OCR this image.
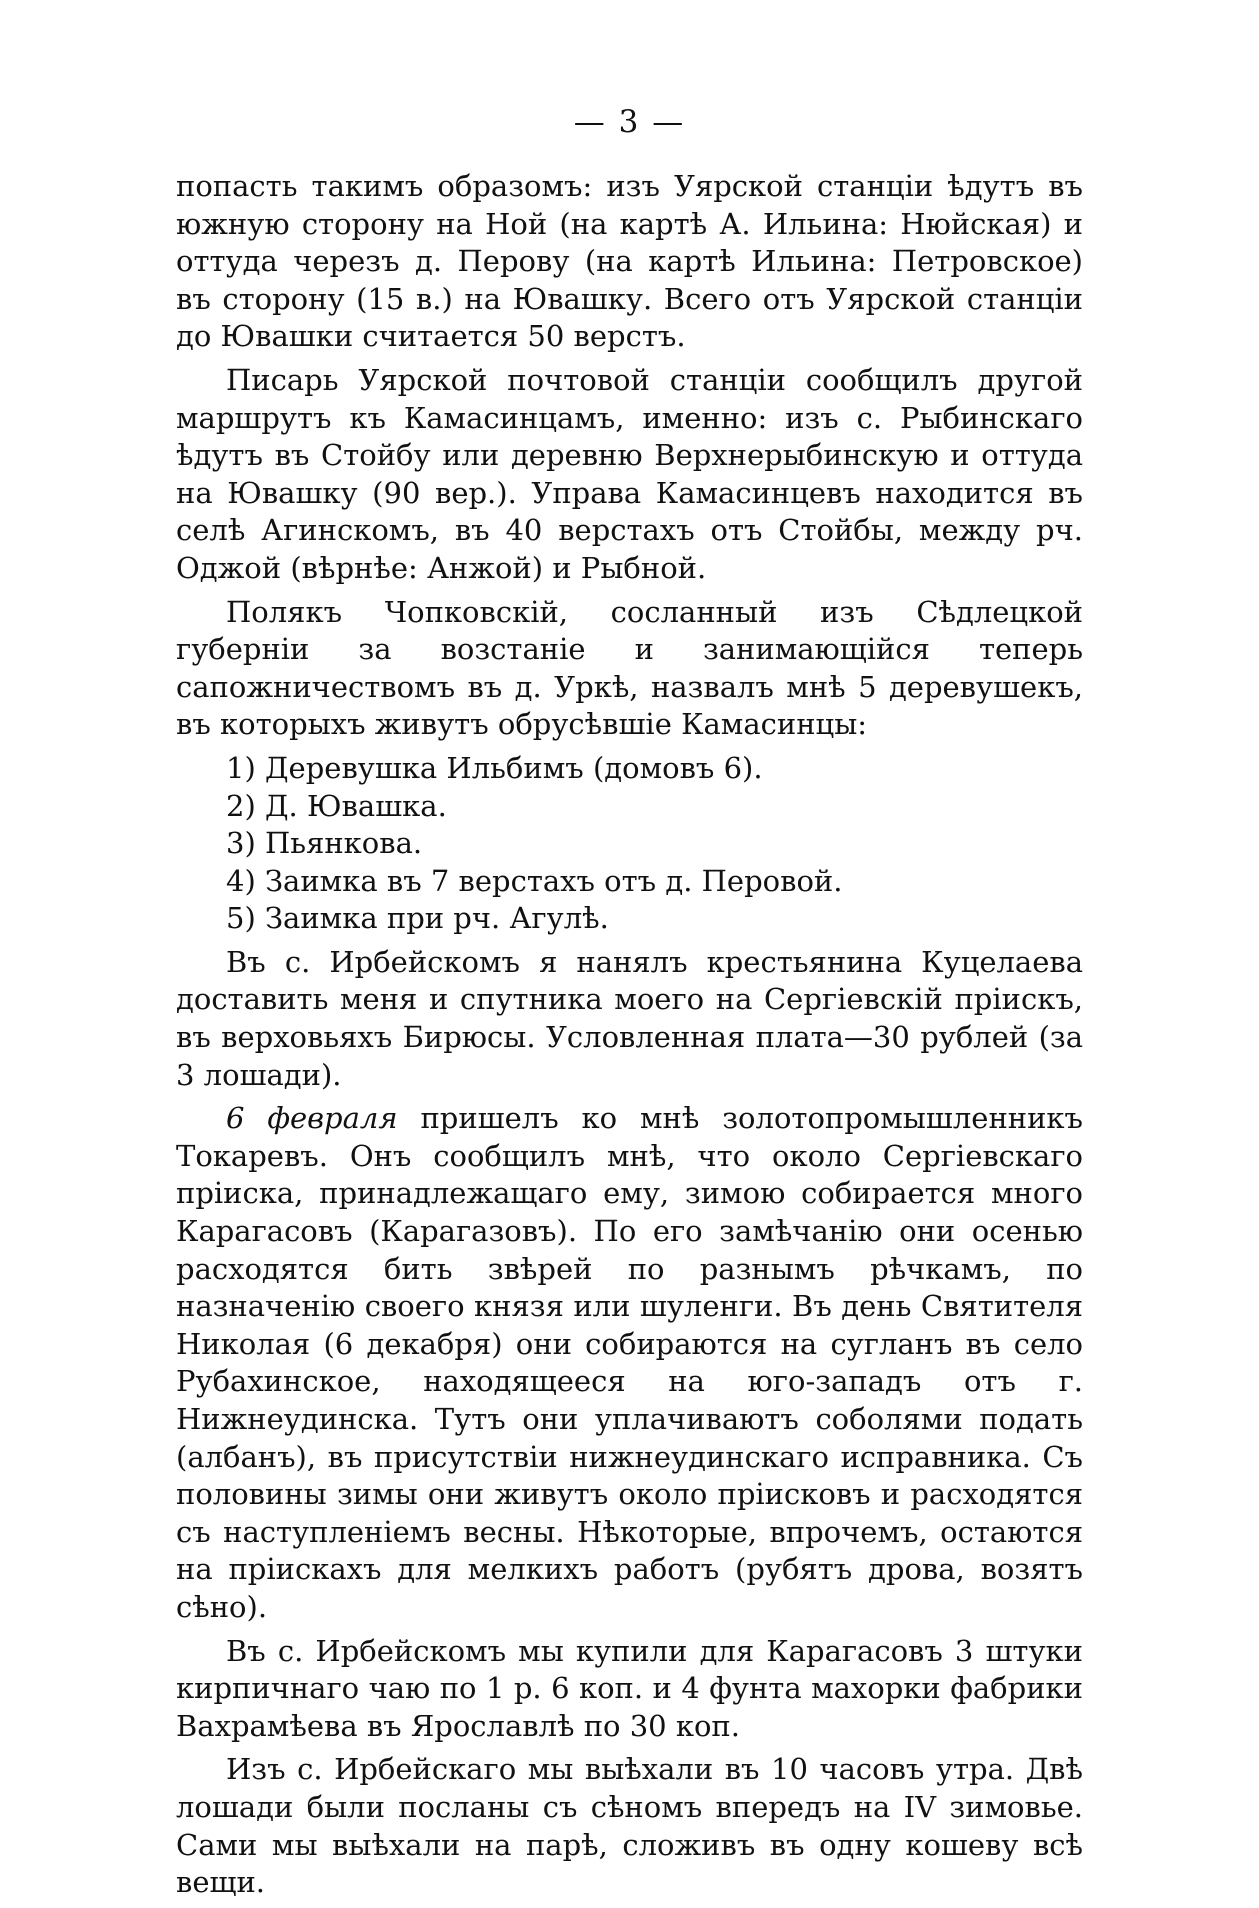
— 3 —

попасть такимъ образомъ: изъ Уярской станціи ѣдутъ въ южную сторону на Ной (на картѣ А. Ильина: Нюйская) и оттуда черезъ д. Перову (на картѣ Ильина: Петровское) въ сторону (15 в.) на Ювашку. Всего отъ Уярской станціи до Ювашки считается 50 верстъ.

Писарь Уярской почтовой станціи сообщилъ другой маршрутъ къ Камасинцамъ, именно: изъ с. Рыбинскаго ѣдутъ въ Стойбу или деревню Верхнерыбинскую и оттуда на Ювашку (90 вер.). Управа Камасинцевъ находится въ селѣ Агинскомъ, въ 40 верстахъ отъ Стойбы, между рч. Оджой (вѣрнѣе: Анжой) и Рыбной.

Полякъ Чопковскій, сосланный изъ Сѣдлецкой губерніи за возстаніе и занимающійся теперь сапожничествомъ въ д. Уркѣ, назвалъ мнѣ 5 деревушекъ, въ которыхъ живутъ обрусѣвшіе Камасинцы:

1) Деревушка Ильбимъ (домовъ 6).
2) Д. Ювашка.
3) Пьянкова.
4) Заимка въ 7 верстахъ отъ д. Перовой.
5) Заимка при рч. Агулѣ.

Въ с. Ирбейскомъ я нанялъ крестьянина Куцелаева доставить меня и спутника моего на Сергіевскій пріискъ, въ верховьяхъ Бирюсы. Условленная плата—30 рублей (за 3 лошади).

6 февраля пришелъ ко мнѣ золотопромышленникъ Токаревъ. Онъ сообщилъ мнѣ, что около Сергіевскаго пріиска, принадлежащаго ему, зимою собирается много Карагасовъ (Карагазовъ). По его замѣчанію они осенью расходятся бить звѣрей по разнымъ рѣчкамъ, по назначенію своего князя или шуленги. Въ день Святителя Николая (6 декабря) они собираются на сугланъ въ село Рубахинское, находящееся на юго-западъ отъ г. Нижнеудинска. Тутъ они уплачиваютъ соболями подать (албанъ), въ присутствіи нижнеудинскаго исправника. Съ половины зимы они живутъ около пріисковъ и расходятся съ наступленіемъ весны. Нѣкоторые, впрочемъ, остаются на пріискахъ для мелкихъ работъ (рубятъ дрова, возятъ сѣно).

Въ с. Ирбейскомъ мы купили для Карагасовъ 3 штуки кирпичнаго чаю по 1 р. 6 коп. и 4 фунта махорки фабрики Вахрамѣева въ Ярославлѣ по 30 коп.

Изъ с. Ирбейскаго мы выѣхали въ 10 часовъ утра. Двѣ лошади были посланы съ сѣномъ впередъ на IV зимовье. Сами мы выѣхали на парѣ, сложивъ въ одну кошеву всѣ вещи.
